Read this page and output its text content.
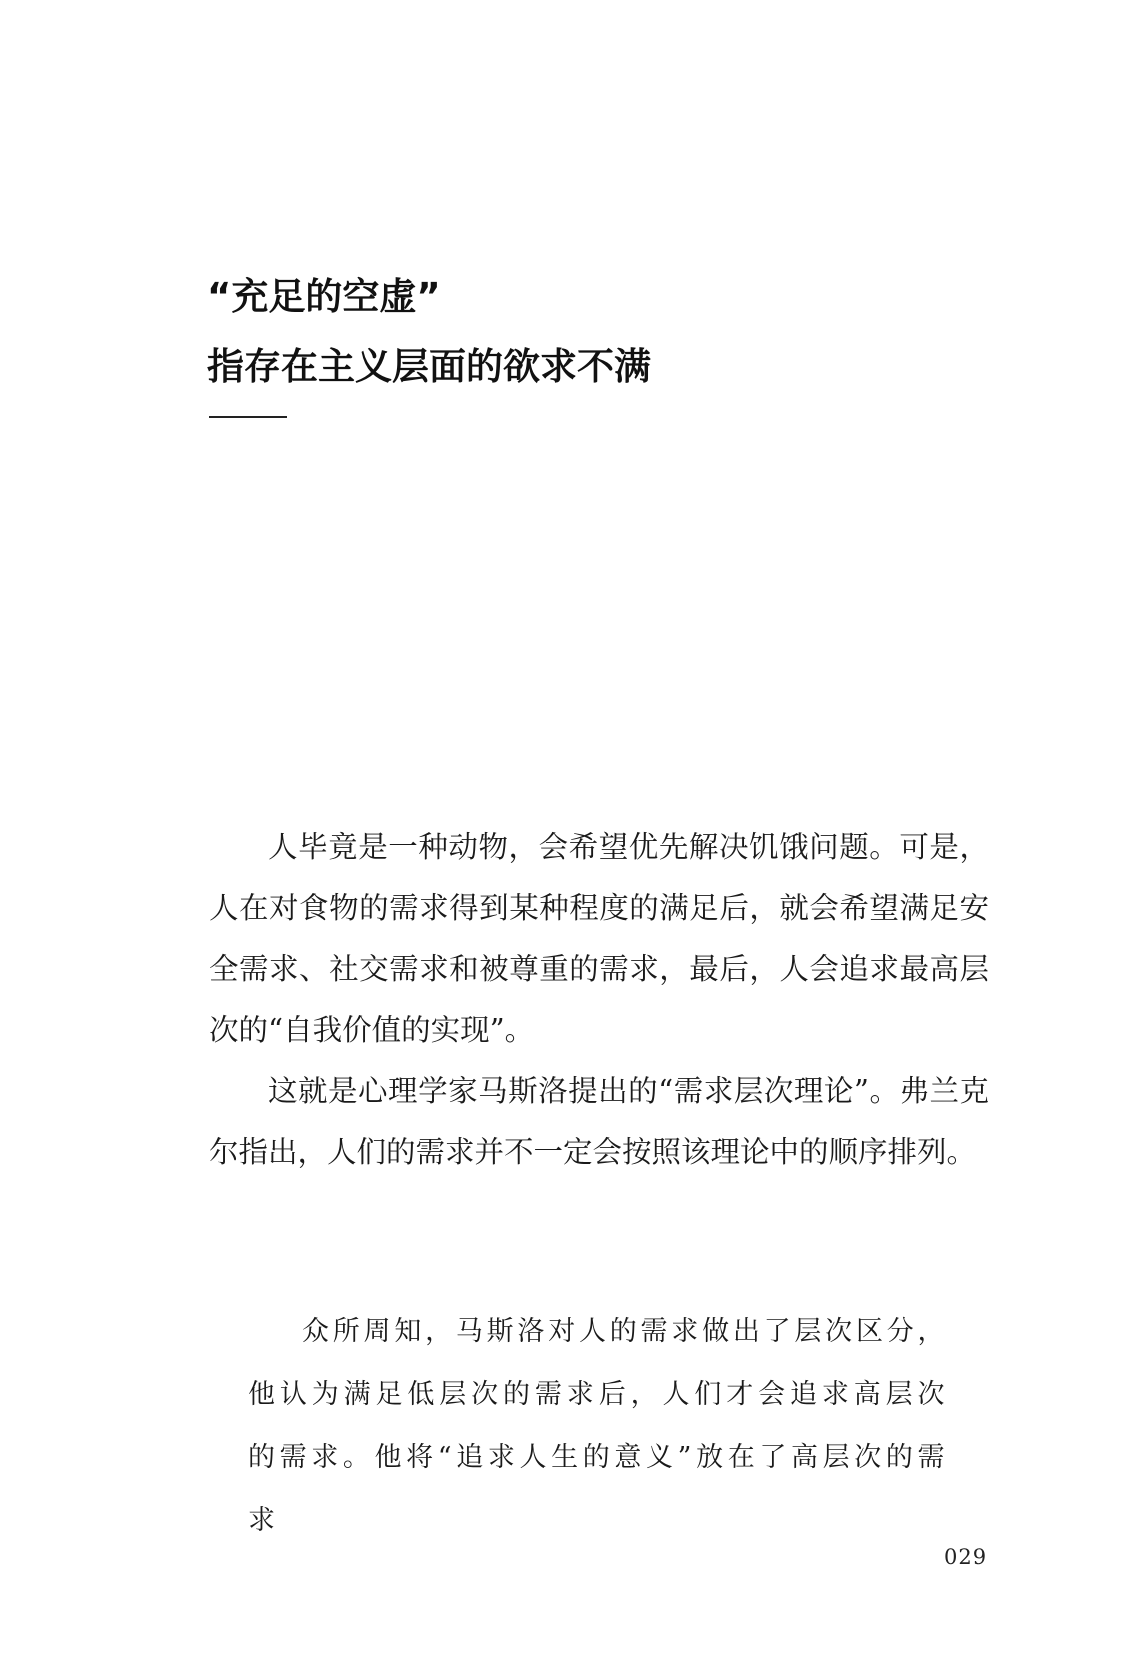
“充足的空虚”
指存在主义层面的欲求不满

人毕竟是一种动物，会希望优先解决饥饿问题。可是，人在对食物的需求得到某种程度的满足后，就会希望满足安全需求、社交需求和被尊重的需求，最后，人会追求最高层次的“自我价值的实现”。

这就是心理学家马斯洛提出的“需求层次理论”。弗兰克尔指出，人们的需求并不一定会按照该理论中的顺序排列。

众所周知，马斯洛对人的需求做出了层次区分，他认为满足低层次的需求后，人们才会追求高层次的需求。他将“追求人生的意义”放在了高层次的需求

029
